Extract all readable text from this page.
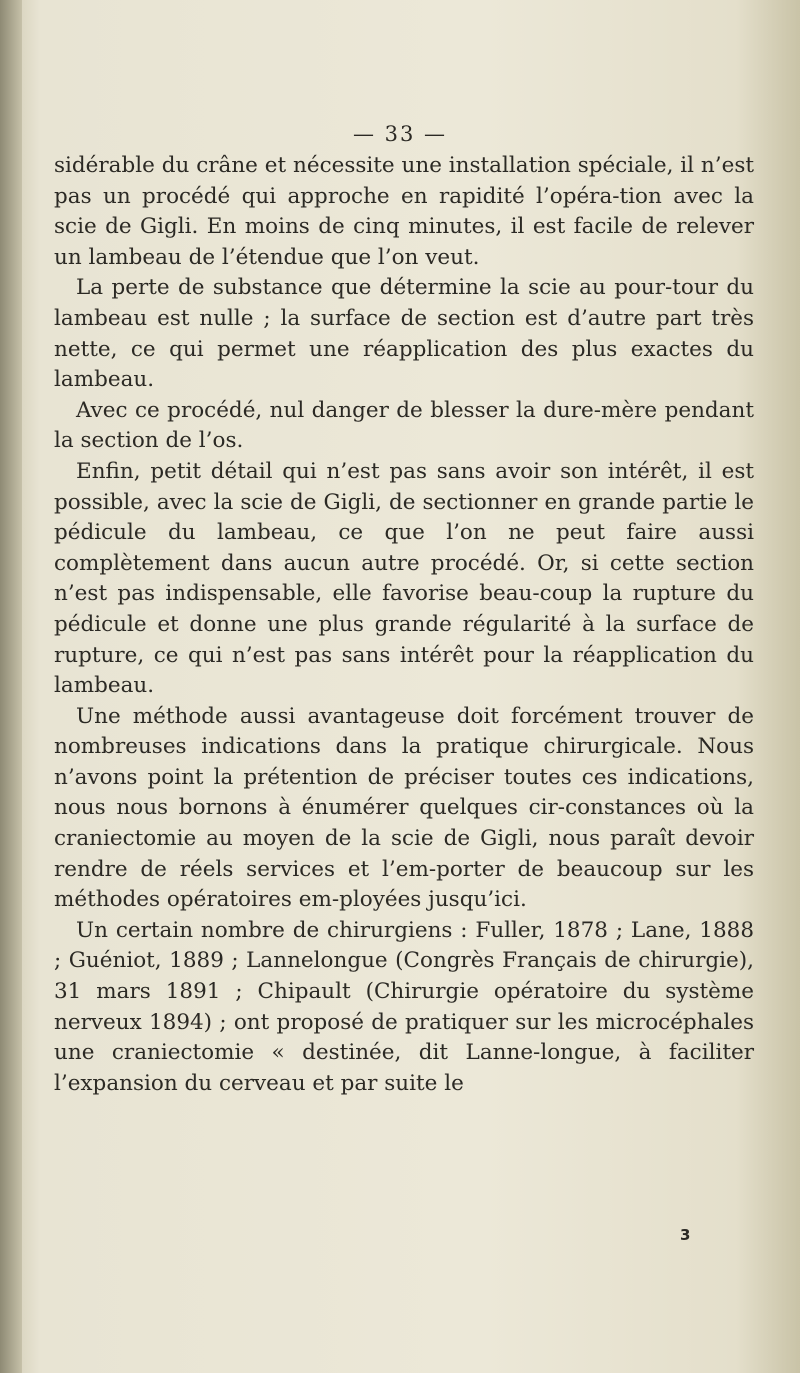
— 33 —

sidérable du crâne et nécessite une installation spéciale, il n’est pas un procédé qui approche en rapidité l’opéra-tion avec la scie de Gigli. En moins de cinq minutes, il est facile de relever un lambeau de l’étendue que l’on veut.

La perte de substance que détermine la scie au pour-tour du lambeau est nulle ; la surface de section est d’autre part très nette, ce qui permet une réapplication des plus exactes du lambeau.

Avec ce procédé, nul danger de blesser la dure-mère pendant la section de l’os.

Enfin, petit détail qui n’est pas sans avoir son intérêt, il est possible, avec la scie de Gigli, de sectionner en grande partie le pédicule du lambeau, ce que l’on ne peut faire aussi complètement dans aucun autre procédé. Or, si cette section n’est pas indispensable, elle favorise beau-coup la rupture du pédicule et donne une plus grande régularité à la surface de rupture, ce qui n’est pas sans intérêt pour la réapplication du lambeau.

Une méthode aussi avantageuse doit forcément trouver de nombreuses indications dans la pratique chirurgicale. Nous n’avons point la prétention de préciser toutes ces indications, nous nous bornons à énumérer quelques cir-constances où la craniectomie au moyen de la scie de Gigli, nous paraît devoir rendre de réels services et l’em-porter de beaucoup sur les méthodes opératoires em-ployées jusqu’ici.

Un certain nombre de chirurgiens : Fuller, 1878 ; Lane, 1888 ; Guéniot, 1889 ; Lannelongue (Congrès Français de chirurgie), 31 mars 1891 ; Chipault (Chirurgie opératoire du système nerveux 1894) ; ont proposé de pratiquer sur les microcéphales une craniectomie « destinée, dit Lanne-longue, à faciliter l’expansion du cerveau et par suite le

3
